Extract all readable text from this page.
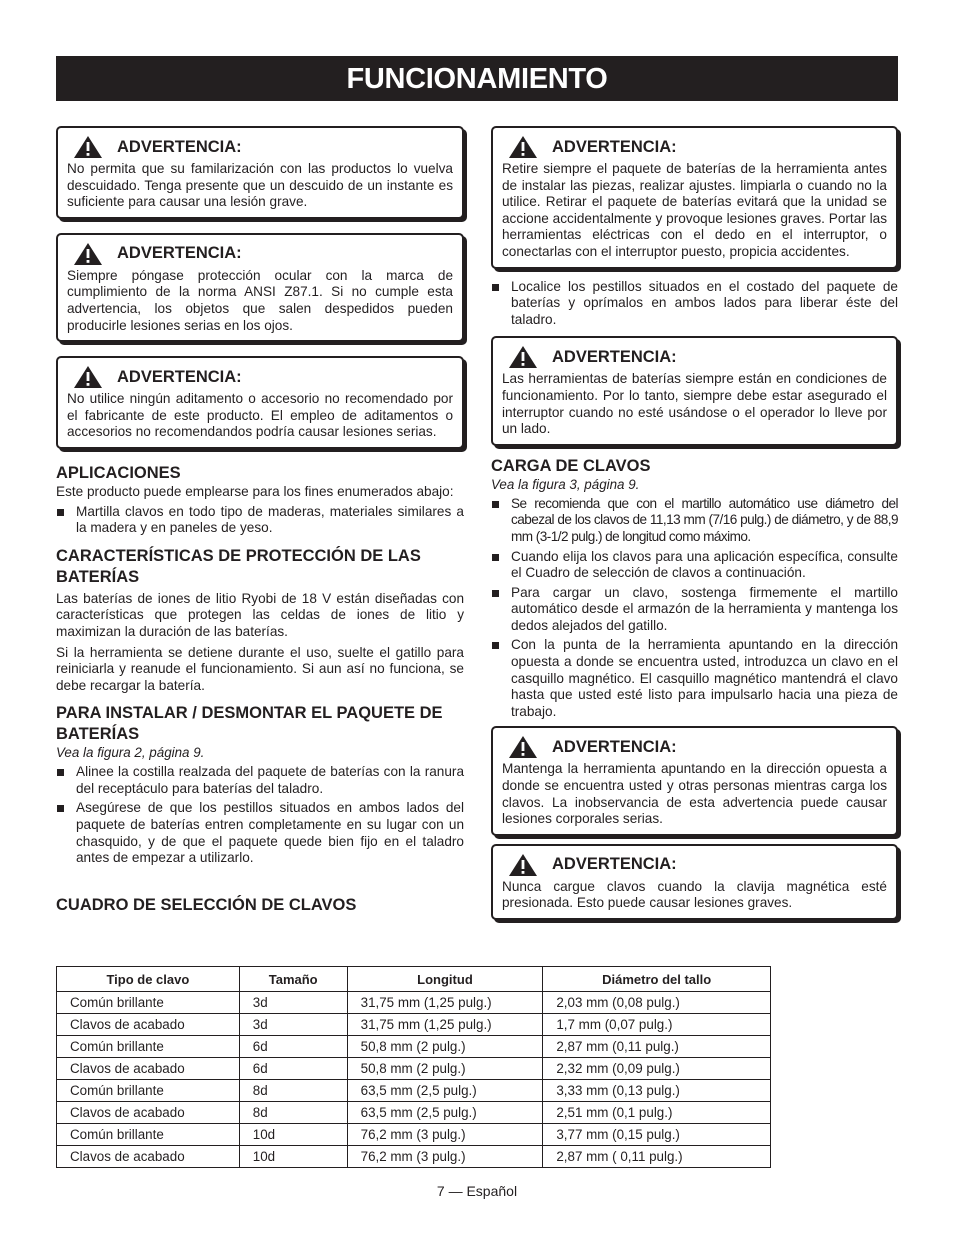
FUNCIONAMIENTO
ADVERTENCIA:
No permita que su familarización con las productos lo vuelva descuidado. Tenga presente que un descuido de un instante es suficiente para causar una lesión grave.
ADVERTENCIA:
Siempre póngase protección ocular con la marca de cumplimiento de la norma ANSI Z87.1. Si no cumple esta advertencia, los objetos que salen despedidos pueden producirle lesiones serias en los ojos.
ADVERTENCIA:
No utilice ningún aditamento o accesorio no recomendado por el fabricante de este producto. El empleo de aditamentos o accesorios no recomendandos podría causar lesiones serias.
APLICACIONES

Este producto puede emplearse para los fines enumerados abajo:

Martilla clavos en todo tipo de maderas, materiales similares a la madera y en paneles de yeso.
CARACTERÍSTICAS DE PROTECCIÓN DE LAS BATERÍAS

Las baterías de iones de litio Ryobi de 18 V están diseñadas con características que protegen las celdas de iones de litio y maximizan la duración de las baterías.

Si la herramienta se detiene durante el uso, suelte el gatillo para reiniciarla y reanude el funcionamiento. Si aun así no funciona, se debe recargar la batería.

PARA INSTALAR / DESMONTAR EL PAQUETE DE BATERÍAS
Vea la figura 2, página 9.
Alinee la costilla realzada del paquete de baterías con la ranura del receptáculo para baterías del taladro.
Asegúrese de que los pestillos situados en ambos lados del paquete de baterías entren completamente en su lugar con un chasquido, y de que el paquete quede bien fijo en el taladro antes de empezar a utilizarlo.
CUADRO DE SELECCIÓN DE CLAVOS
ADVERTENCIA:
Retire siempre el paquete de baterías de la herramienta antes de instalar las piezas, realizar ajustes. limpiarla o cuando no la utilice. Retirar el paquete de baterías evitará que la unidad se accione accidentalmente y provoque lesiones graves. Portar las herramientas eléctricas con el dedo en el interruptor, o conectarlas con el interruptor puesto, propicia accidentes.
Localice los pestillos situados en el costado del paquete de baterías y oprímalos en ambos lados para liberar éste del taladro.
ADVERTENCIA:
Las herramientas de baterías siempre están en condiciones de funcionamiento. Por lo tanto, siempre debe estar asegurado el interruptor cuando no esté usándose o el operador lo lleve por un lado.
CARGA DE CLAVOS
Vea la figura 3, página 9.
Se recomienda que con el martillo automático use diámetro del cabezal de los clavos de 11,13 mm (7/16 pulg.) de diámetro, y de 88,9 mm (3-1/2 pulg.) de longitud como máximo.
Cuando elija los clavos para una aplicación específica, consulte el Cuadro de selección de clavos a continuación.
Para cargar un clavo, sostenga firmemente el martillo automático desde el armazón de la herramienta y mantenga los dedos alejados del gatillo.
Con la punta de la herramienta apuntando en la dirección opuesta a donde se encuentra usted, introduzca un clavo en el casquillo magnético. El casquillo magnético mantendrá el clavo hasta que usted esté listo para impulsarlo hacia una pieza de trabajo.
ADVERTENCIA:
Mantenga la herramienta apuntando en la dirección opuesta a donde se encuentra usted y otras personas mientras carga los clavos. La inobservancia de esta advertencia puede causar lesiones corporales serias.
ADVERTENCIA:
Nunca cargue clavos cuando la clavija magnética esté presionada. Esto puede causar lesiones graves.
Tipo de clavo	Tamaño	Longitud	Diámetro del tallo
Común brillante	3d	31,75 mm (1,25 pulg.)	2,03 mm (0,08 pulg.)
Clavos de acabado	3d	31,75 mm (1,25 pulg.)	1,7 mm (0,07 pulg.)
Común brillante	6d	50,8 mm (2 pulg.)	2,87 mm (0,11 pulg.)
Clavos de acabado	6d	50,8 mm (2 pulg.)	2,32 mm (0,09 pulg.)
Común brillante	8d	63,5 mm (2,5 pulg.)	3,33 mm (0,13 pulg.)
Clavos de acabado	8d	63,5 mm (2,5 pulg.)	2,51 mm (0,1 pulg.)
Común brillante	10d	76,2 mm (3 pulg.)	3,77 mm (0,15 pulg.)
Clavos de acabado	10d	76,2 mm (3 pulg.)	2,87 mm ( 0,11 pulg.)
7 — Español
